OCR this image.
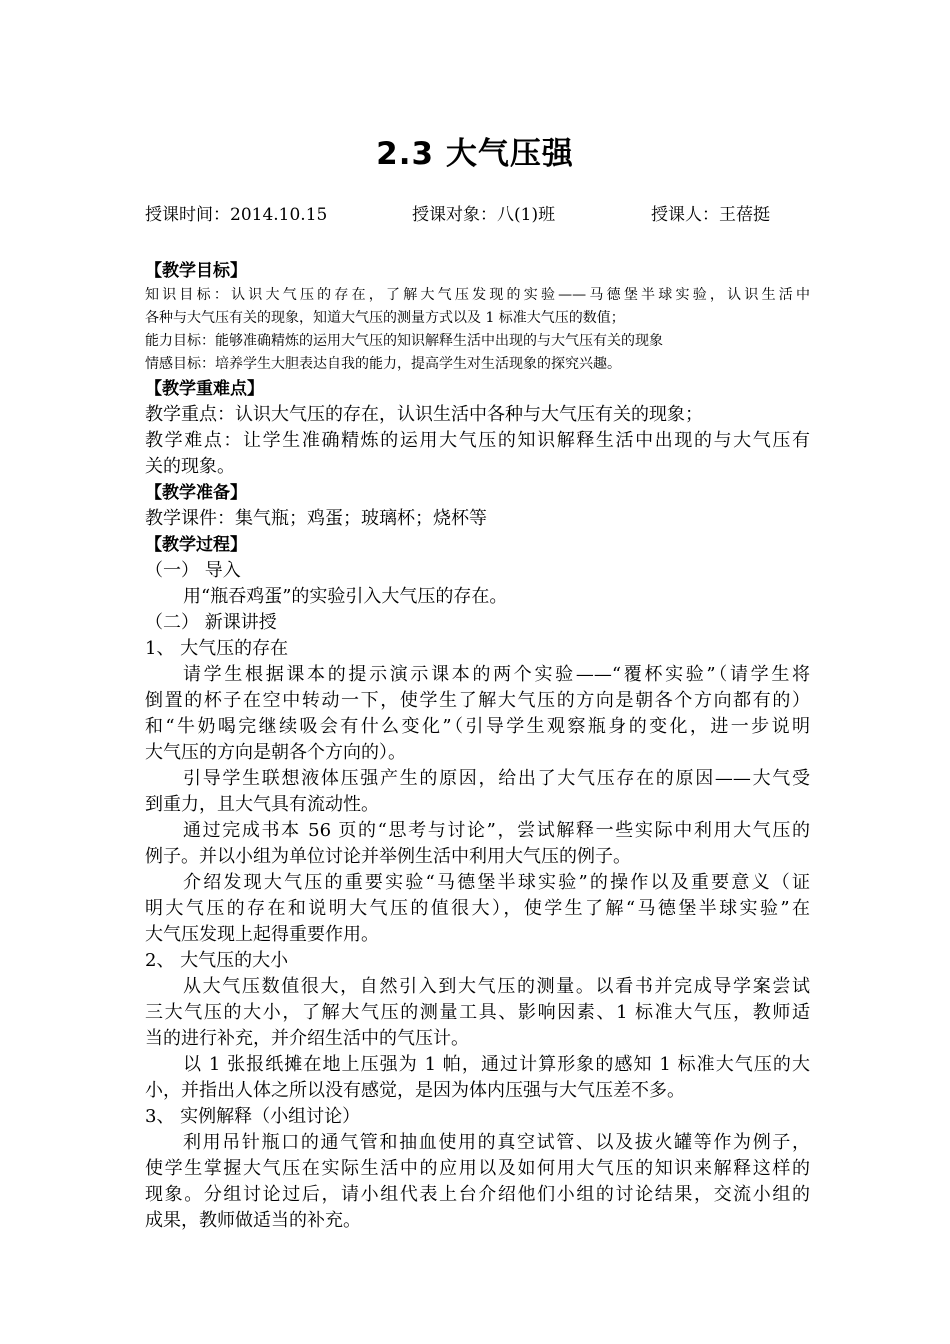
2.3 大气压强
授课时间：2014.10.15	授课对象：八(1)班	授课人：王蓓挺
【教学目标】
知识目标：认识大气压的存在，了解大气压发现的实验——马德堡半球实验，认识生活中
各种与大气压有关的现象，知道大气压的测量方式以及 1 标准大气压的数值；
能力目标：能够准确精炼的运用大气压的知识解释生活中出现的与大气压有关的现象
情感目标：培养学生大胆表达自我的能力，提高学生对生活现象的探究兴趣。
【教学重难点】
教学重点：认识大气压的存在，认识生活中各种与大气压有关的现象；
教学难点：让学生准确精炼的运用大气压的知识解释生活中出现的与大气压有
关的现象。
【教学准备】
教学课件：集气瓶；鸡蛋；玻璃杯；烧杯等
【教学过程】
（一） 导入
用“瓶吞鸡蛋”的实验引入大气压的存在。
（二） 新课讲授
1、 大气压的存在
请学生根据课本的提示演示课本的两个实验——“覆杯实验”（请学生将
倒置的杯子在空中转动一下，使学生了解大气压的方向是朝各个方向都有的）
和“牛奶喝完继续吸会有什么变化”（引导学生观察瓶身的变化，进一步说明
大气压的方向是朝各个方向的）。
引导学生联想液体压强产生的原因，给出了大气压存在的原因——大气受
到重力，且大气具有流动性。
通过完成书本 56 页的“思考与讨论”，尝试解释一些实际中利用大气压的
例子。并以小组为单位讨论并举例生活中利用大气压的例子。
介绍发现大气压的重要实验“马德堡半球实验”的操作以及重要意义（证
明大气压的存在和说明大气压的值很大），使学生了解“马德堡半球实验”在
大气压发现上起得重要作用。
2、 大气压的大小
从大气压数值很大，自然引入到大气压的测量。以看书并完成导学案尝试
三大气压的大小，了解大气压的测量工具、影响因素、1 标准大气压，教师适
当的进行补充，并介绍生活中的气压计。
以 1 张报纸摊在地上压强为 1 帕，通过计算形象的感知 1 标准大气压的大
小，并指出人体之所以没有感觉，是因为体内压强与大气压差不多。
3、 实例解释（小组讨论）
利用吊针瓶口的通气管和抽血使用的真空试管、以及拔火罐等作为例子，
使学生掌握大气压在实际生活中的应用以及如何用大气压的知识来解释这样的
现象。分组讨论过后，请小组代表上台介绍他们小组的讨论结果，交流小组的
成果，教师做适当的补充。
